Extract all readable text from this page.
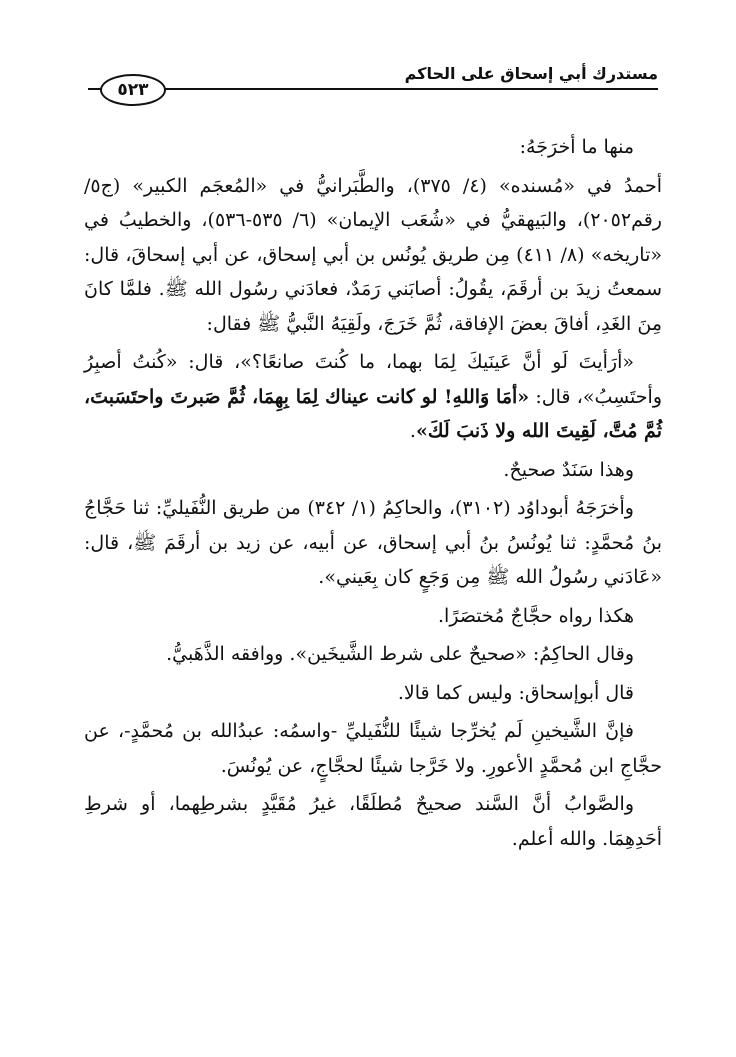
مستدرك أبي إسحاق على الحاكم
٥٢٣

منها ما أخرَجَهُ:

أحمدُ في «مُسنده» (٤/ ٣٧٥)، والطَّبَرانيُّ في «المُعجَم الكبير» (ج٥/ رقم٢٠٥٢)، والبَيهقيُّ في «شُعَب الإيمان» (٦/ ٥٣٥-٥٣٦)، والخطيبُ في «تاريخه» (٨/ ٤١١) مِن طريق يُونُس بن أبي إسحاق، عن أبي إسحاقَ، قال: سمعتُ زيدَ بن أرقَمَ، يقُولُ: أصابَني رَمَدٌ، فعادَني رسُول الله ﷺ. فلمَّا كانَ مِنَ الغَدِ، أفاقَ بعضَ الإفاقة، ثُمَّ خَرَجَ، ولَقِيَهُ النَّبيُّ ﷺ فقال:

«أرَأيتَ لَو أنَّ عَينَيكَ لِمَا بهما، ما كُنتَ صانعًا؟»، قال: «كُنتُ أصبِرُ وأحتَسِبُ»، قال: «أمَا وَاللهِ! لو كانت عيناك لِمَا بِهِمَا، ثُمَّ صَبرتَ واحتَسَبتَ، ثُمَّ مُتَّ، لَقِيتَ الله ولا ذَنبَ لَكَ».

وهذا سَنَدٌ صحيحٌ.

وأخرَجَهُ أبوداوُد (٣١٠٢)، والحاكِمُ (١/ ٣٤٢) من طريق النُّفَيليِّ: ثنا حَجَّاجُ بنُ مُحمَّدٍ: ثنا يُونُسُ بنُ أبي إسحاق، عن أبيه، عن زيد بن أرقَمَ ﷺ، قال: «عَادَني رسُولُ الله ﷺ مِن وَجَعٍ كان بِعَيني».

هكذا رواه حجَّاجٌ مُختصَرًا.

وقال الحاكِمُ: «صحيحٌ على شرط الشَّيخَين». ووافقه الذَّهَبيُّ.

قال أبوإسحاق: وليس كما قالا.

فإنَّ الشَّيخينِ لَم يُخرِّجا شيئًا للنُّفَيليِّ -واسمُه: عبدُالله بن مُحمَّدٍ-، عن حجَّاجِ ابن مُحمَّدٍ الأعورِ. ولا خَرَّجا شيئًا لحجَّاجٍ، عن يُونُسَ.

والصَّوابُ أنَّ السَّند صحيحٌ مُطلَقًا، غيرُ مُقَيَّدٍ بشرطِهما، أو شرطِ أحَدِهِمَا. والله أعلم.
